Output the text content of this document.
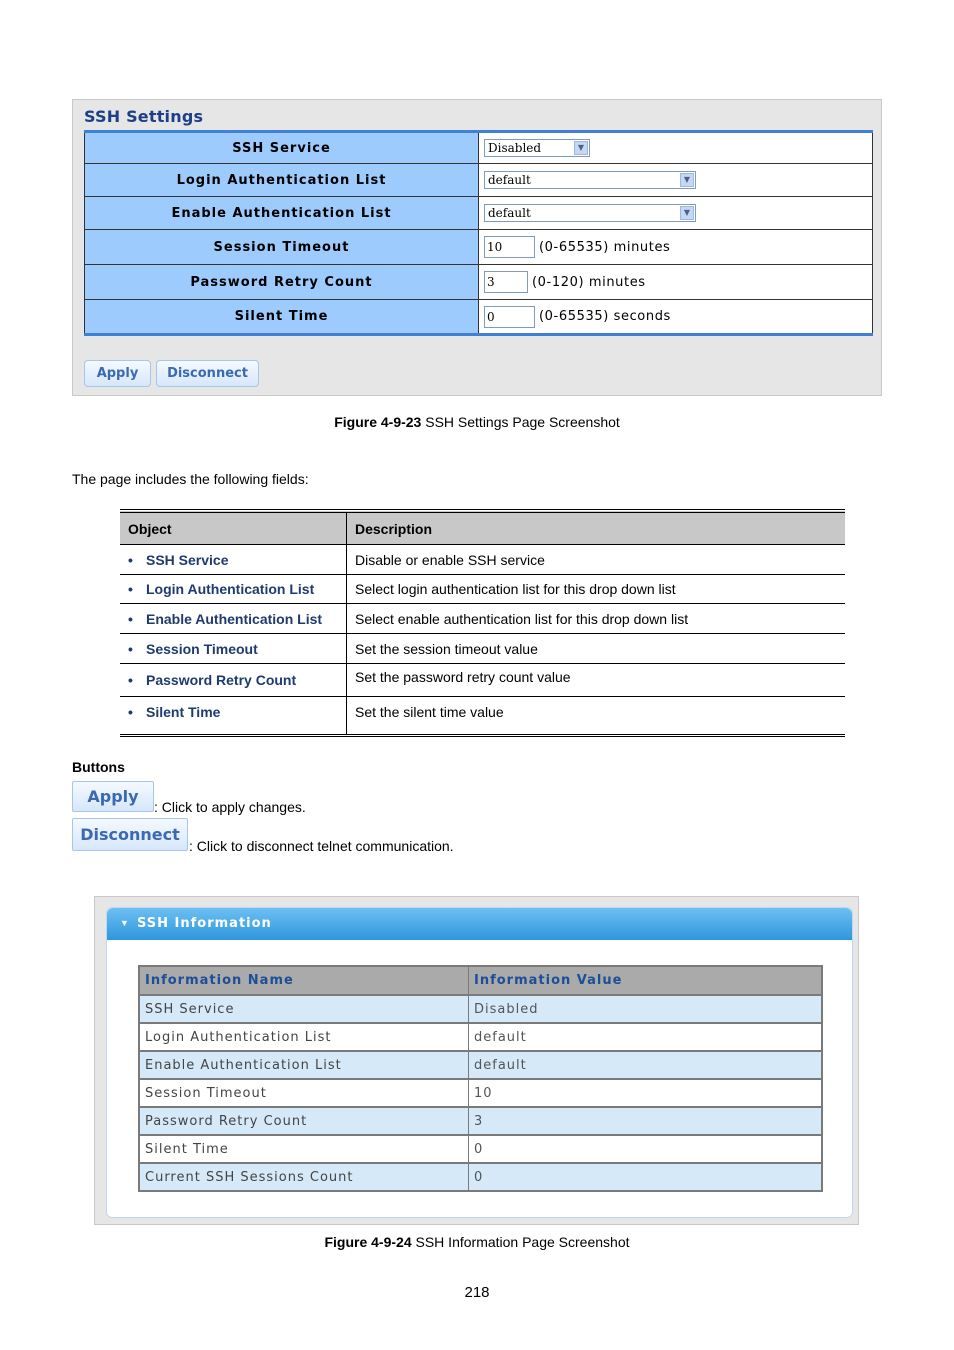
SSH Settings
SSH Service	Disabled ▼

Login Authentication List	default ▼

Enable Authentication List	default ▼

Session Timeout	10 (0-65535) minutes
Password Retry Count	3 (0-120) minutes
Silent Time	0 (0-65535) seconds
Apply	Disconnect
Figure 4-9-23 SSH Settings Page Screenshot
The page includes the following fields:
Object	Description
• SSH Service	Disable or enable SSH service
• Login Authentication List	Select login authentication list for this drop down list
• Enable Authentication List	Select enable authentication list for this drop down list
• Session Timeout	Set the session timeout value
• Password Retry Count	Set the password retry count value
• Silent Time	Set the silent time value
Buttons
Apply
: Click to apply changes.
Disconnect
: Click to disconnect telnet communication.
▼ SSH Information
Information Name	Information Value
SSH Service	Disabled
Login Authentication List	default
Enable Authentication List	default
Session Timeout	10
Password Retry Count	3
Silent Time	0
Current SSH Sessions Count	0
Figure 4-9-24 SSH Information Page Screenshot
218
